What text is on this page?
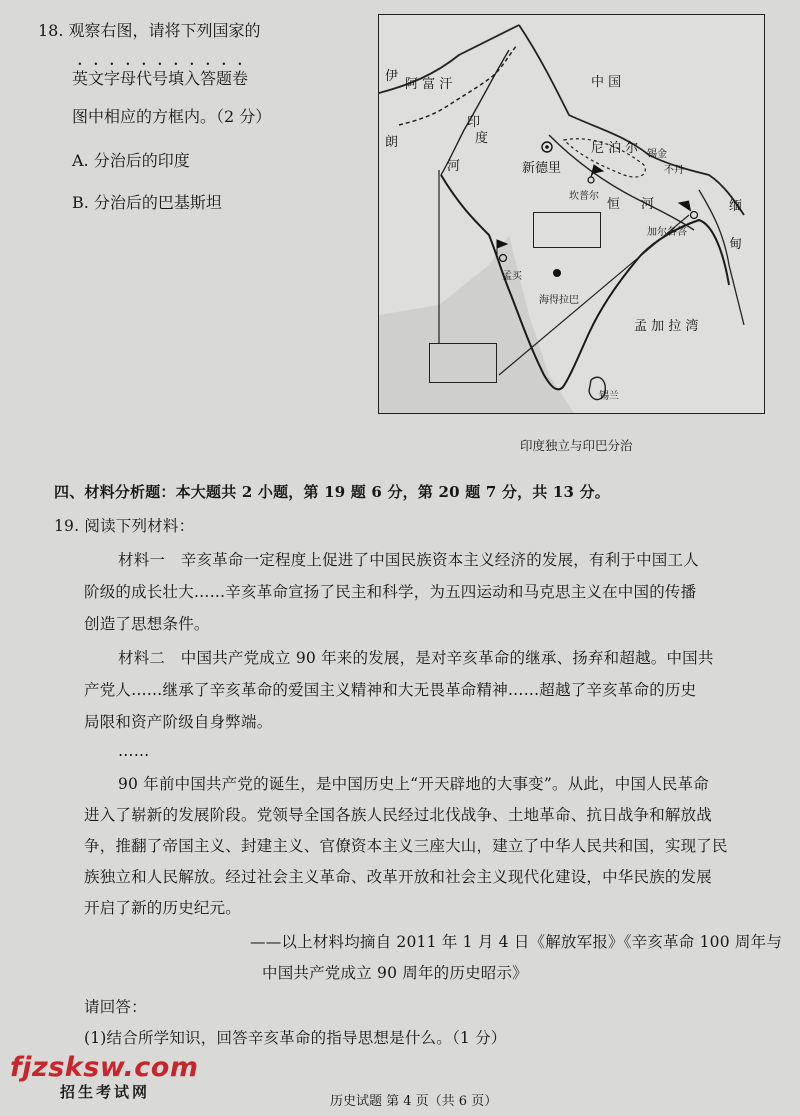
18. 观察右图，请将下列国家的
英文字母代号填入答题卷
图中相应的方框内。（2 分）
A. 分治后的印度
B. 分治后的巴基斯坦
伊
朗
阿 富 汗	中 国
印
度
河	新德里
坎普尔
尼 泊 尔 锡金
不丹
恒 河
加尔各答
缅
甸
孟买
海得拉巴
孟 加 拉 湾
锡兰
印度独立与印巴分治
四、材料分析题：本大题共 2 小题，第 19 题 6 分，第 20 题 7 分，共 13 分。
19. 阅读下列材料：
材料一　辛亥革命一定程度上促进了中国民族资本主义经济的发展，有利于中国工人
阶级的成长壮大……辛亥革命宣扬了民主和科学，为五四运动和马克思主义在中国的传播
创造了思想条件。
材料二　中国共产党成立 90 年来的发展，是对辛亥革命的继承、扬弃和超越。中国共
产党人……继承了辛亥革命的爱国主义精神和大无畏革命精神……超越了辛亥革命的历史
局限和资产阶级自身弊端。
……
90 年前中国共产党的诞生，是中国历史上“开天辟地的大事变”。从此，中国人民革命
进入了崭新的发展阶段。党领导全国各族人民经过北伐战争、土地革命、抗日战争和解放战
争，推翻了帝国主义、封建主义、官僚资本主义三座大山，建立了中华人民共和国，实现了民
族独立和人民解放。经过社会主义革命、改革开放和社会主义现代化建设，中华民族的发展
开启了新的历史纪元。
——以上材料均摘自 2011 年 1 月 4 日《解放军报》《辛亥革命 100 周年与
中国共产党成立 90 周年的历史昭示》
请回答：
(1)结合所学知识，回答辛亥革命的指导思想是什么。（1 分）
历史试题 第 4 页（共 6 页）
fjzsksw.com
招生考试网
